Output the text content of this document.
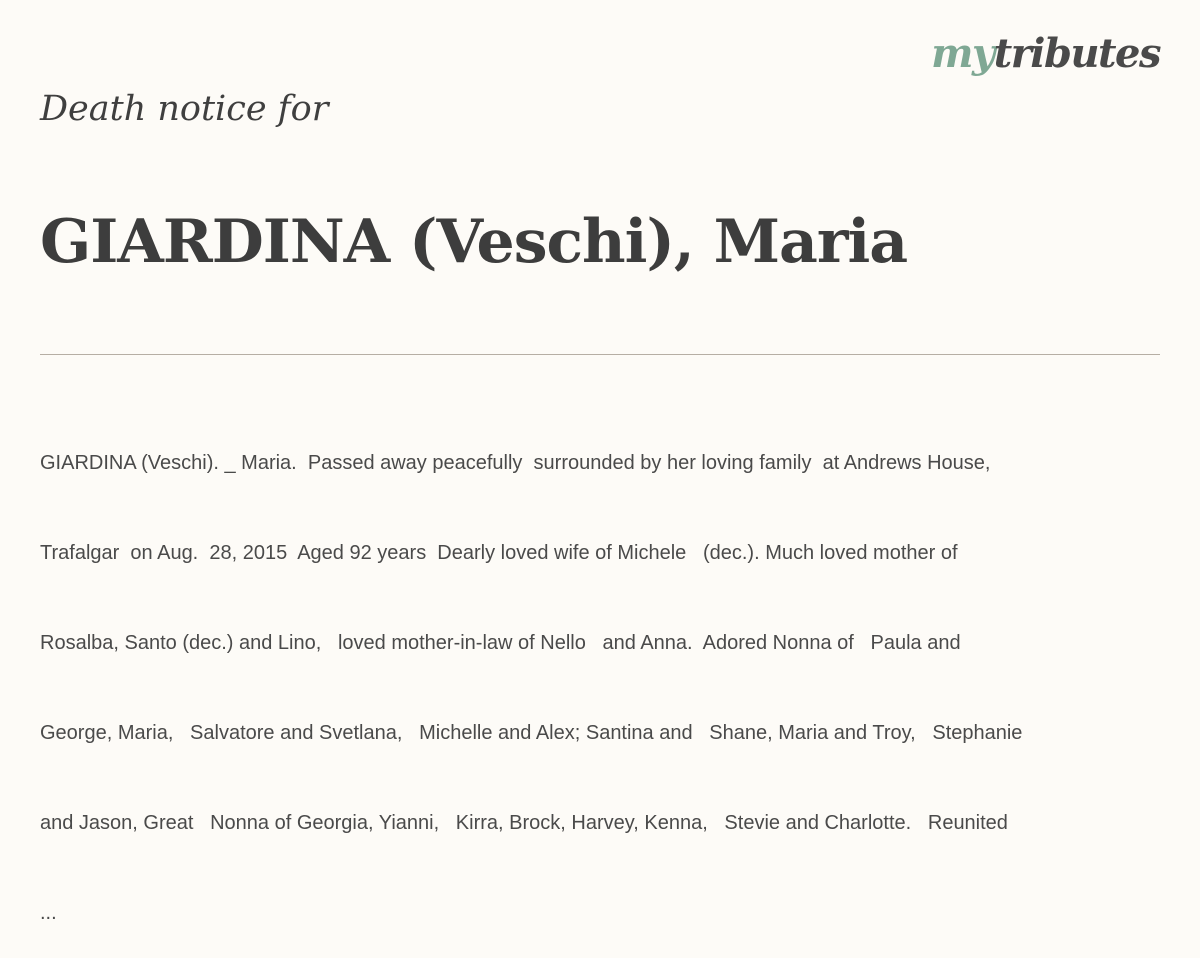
mytributes
Death notice for
GIARDINA (Veschi), Maria

GIARDINA (Veschi). _ Maria.  Passed away peacefully  surrounded by her loving family  at Andrews House,

Trafalgar  on Aug.  28, 2015  Aged 92 years  Dearly loved wife of Michele   (dec.). Much loved mother of

Rosalba, Santo (dec.) and Lino,   loved mother-in-law of Nello   and Anna.  Adored Nonna of   Paula and

George, Maria,   Salvatore and Svetlana,   Michelle and Alex; Santina and   Shane, Maria and Troy,   Stephanie

and Jason, Great   Nonna of Georgia, Yianni,   Kirra, Brock, Harvey, Kenna,   Stevie and Charlotte.   Reunited

...
